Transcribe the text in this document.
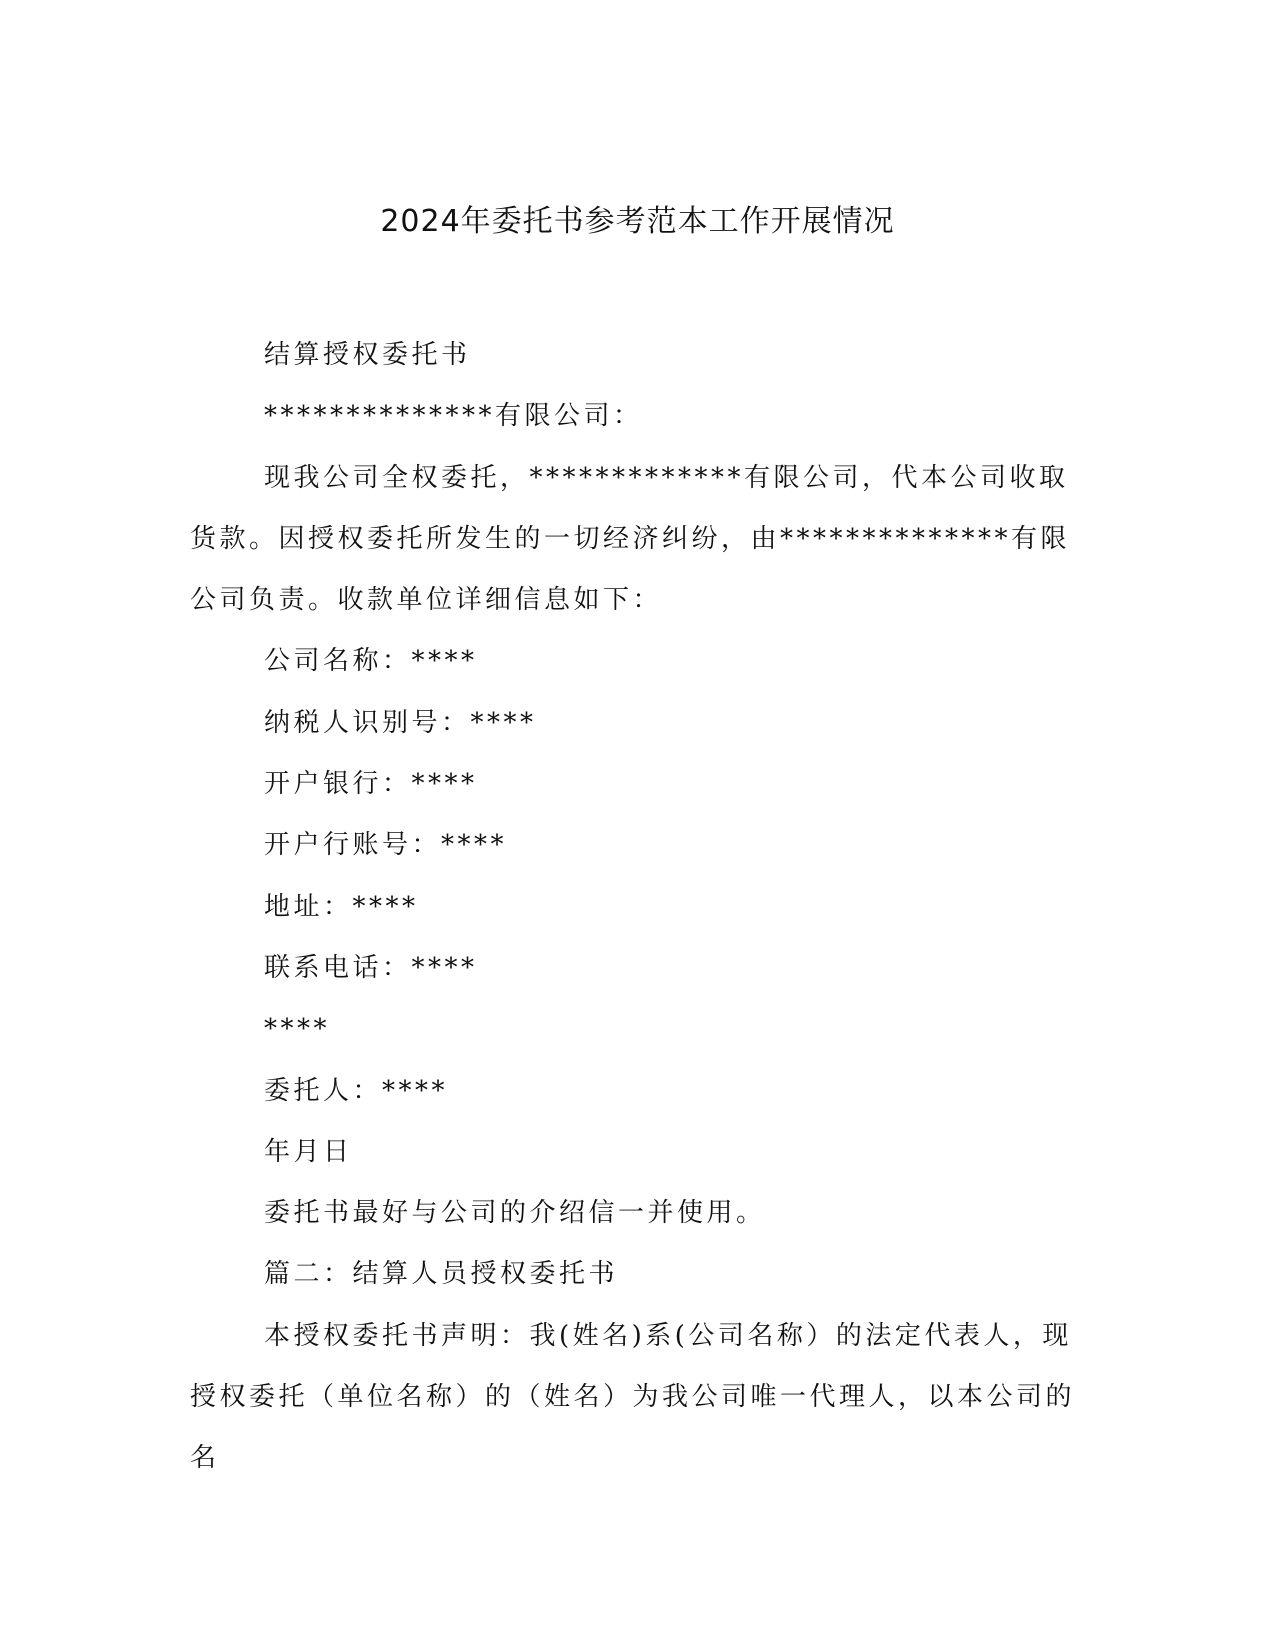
2024年委托书参考范本工作开展情况

结算授权委托书

**************有限公司：

现我公司全权委托，*************有限公司，代本公司收取货款。因授权委托所发生的一切经济纠纷，由**************有限公司负责。收款单位详细信息如下：

公司名称：****

纳税人识别号：****

开户银行：****

开户行账号：****

地址：****

联系电话：****

****

委托人：****

年月日

委托书最好与公司的介绍信一并使用。

篇二：结算人员授权委托书

本授权委托书声明：我(姓名)系(公司名称）的法定代表人，现授权委托（单位名称）的（姓名）为我公司唯一代理人，以本公司的名
